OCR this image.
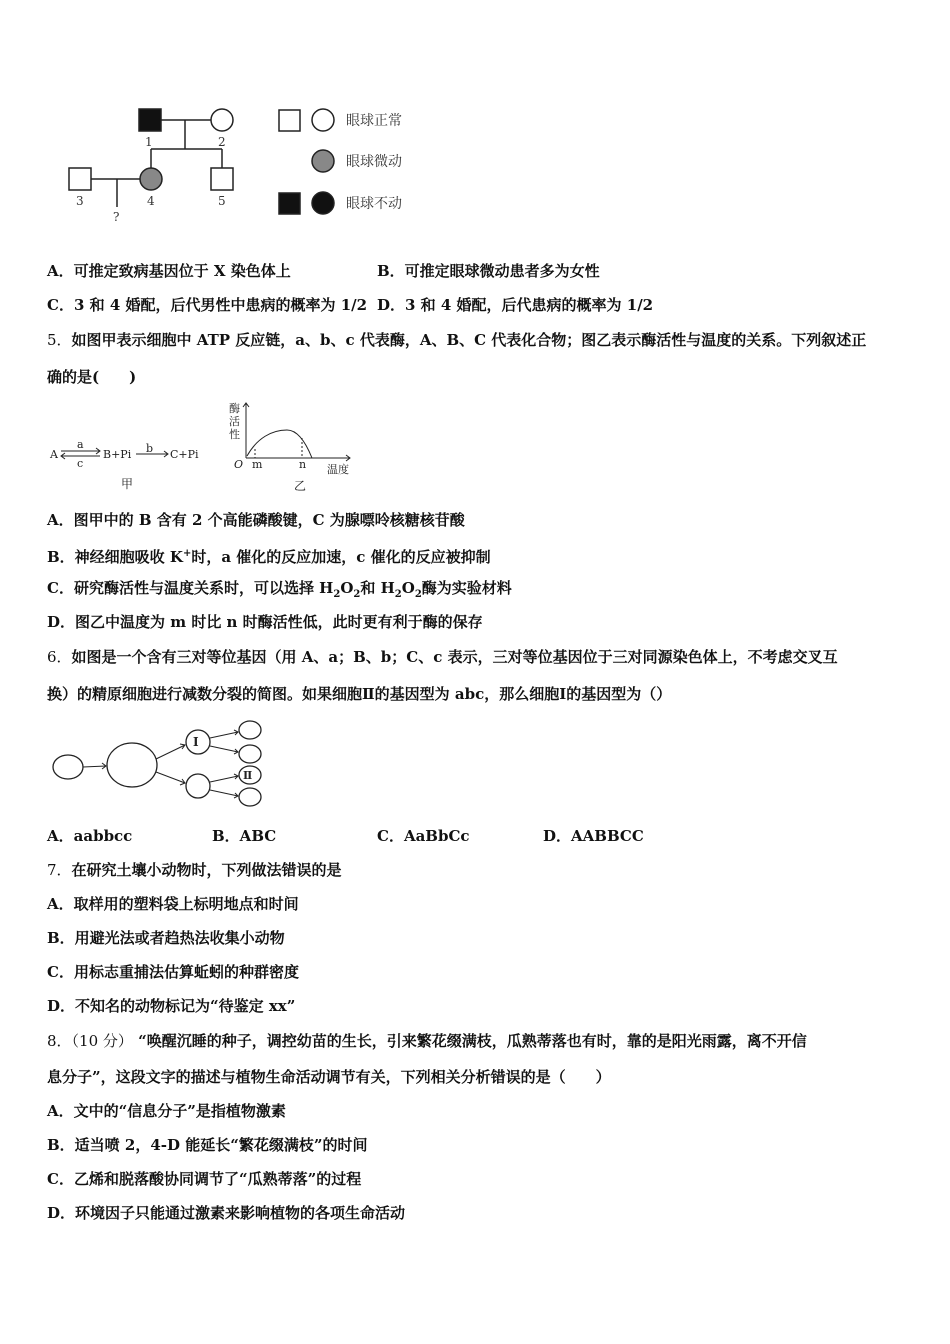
1	2
3	4	5
?
眼球正常
眼球微动
眼球不动
A．可推定致病基因位于 X 染色体上	B．可推定眼球微动患者多为女性
C．3 和 4 婚配，后代男性中患病的概率为 1/2 D．3 和 4 婚配，后代患病的概率为 1/2
5．如图甲表示细胞中 ATP 反应链，a、b、c 代表酶，A、B、C 代表化合物；图乙表示酶活性与温度的关系。下列叙述正
确的是(　　)
A
a
c
B+Pi b C+Pi
甲
酶
活
性
O m	n 温度
乙
A．图甲中的 B 含有 2 个高能磷酸键，C 为腺嘌呤核糖核苷酸
B．神经细胞吸收 K+时，a 催化的反应加速，c 催化的反应被抑制
C．研究酶活性与温度关系时，可以选择 $H_2O_2$和 $H_2O_2$酶为实验材料
D．图乙中温度为 m 时比 n 时酶活性低，此时更有利于酶的保存
6．如图是一个含有三对等位基因（用 A、a；B、b；C、c 表示，三对等位基因位于三对同源染色体上，不考虑交叉互
换）的精原细胞进行减数分裂的简图。如果细胞Ⅱ的基因型为 abc，那么细胞Ⅰ的基因型为（）
Ⅰ
Ⅱ
A．aabbcc	B．ABC	C．AaBbCc	D．AABBCC
7．在研究土壤小动物时，下列做法错误的是
A．取样用的塑料袋上标明地点和时间
B．用避光法或者趋热法收集小动物
C．用标志重捕法估算蚯蚓的种群密度
D．不知名的动物标记为“待鉴定 xx”
8．（10 分） “唤醒沉睡的种子，调控幼苗的生长，引来繁花缀满枝，瓜熟蒂落也有时，靠的是阳光雨露，离不开信
息分子”，这段文字的描述与植物生命活动调节有关，下列相关分析错误的是（　　）
A．文中的“信息分子”是指植物激素
B．适当喷 2，4-D 能延长“繁花缀满枝”的时间
C．乙烯和脱落酸协同调节了“瓜熟蒂落”的过程
D．环境因子只能通过激素来影响植物的各项生命活动
